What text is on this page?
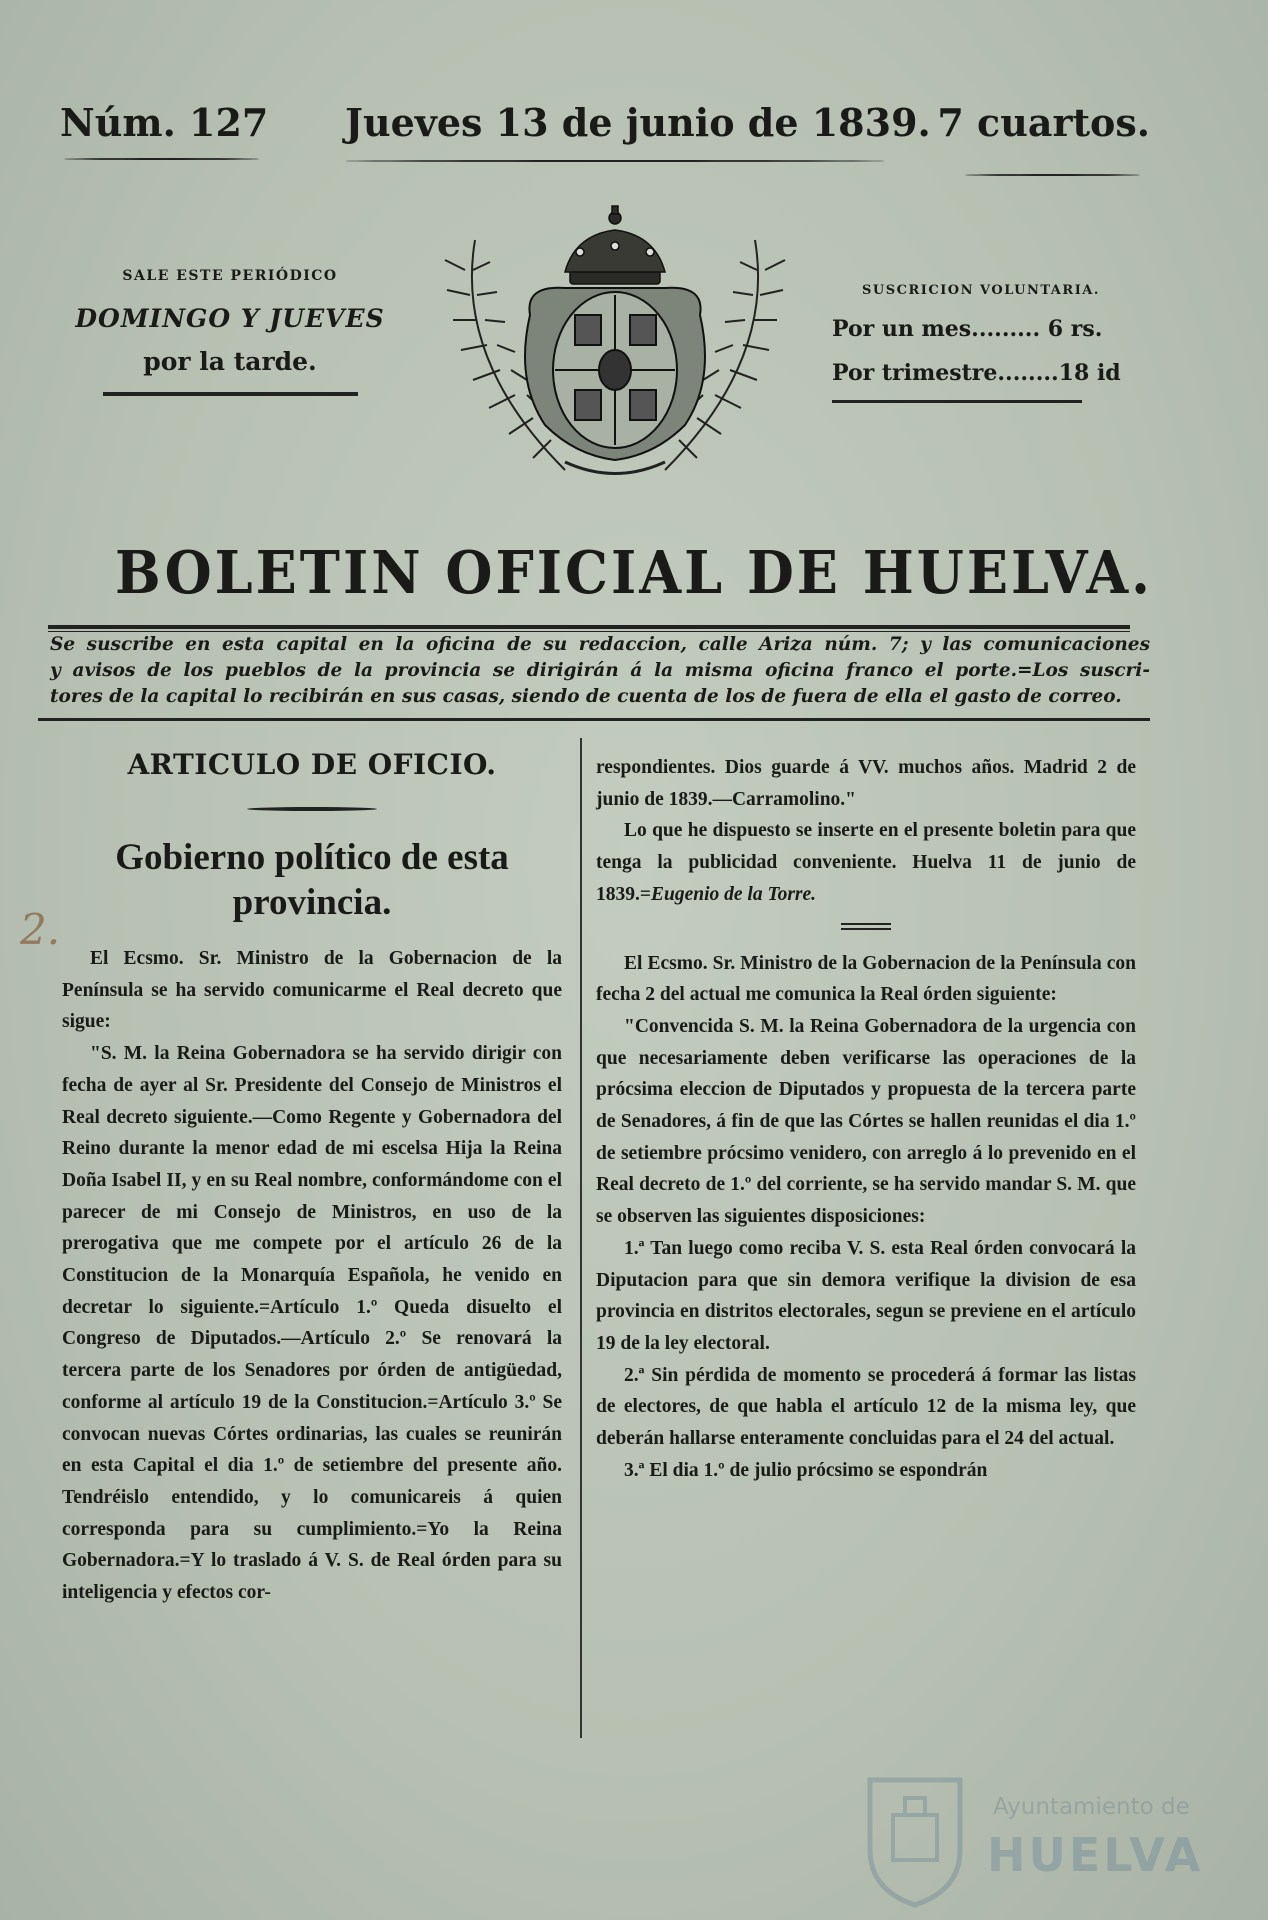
Núm. 127 Jueves 13 de junio de 1839. 7 cuartos.
SALE ESTE PERIÓDICO
DOMINGO Y JUEVES
por la tarde.
SUSCRICION VOLUNTARIA.
Por un mes......... 6 rs.
Por trimestre........18 id
BOLETIN OFICIAL DE HUELVA.
Se suscribe en esta capital en la oficina de su redaccion, calle Ariza núm. 7; y las comunicaciones
y avisos de los pueblos de la provincia se dirigirán á la misma oficina franco el porte.=Los suscri-
tores de la capital lo recibirán en sus casas, siendo de cuenta de los de fuera de ella el gasto de correo.
ARTICULO DE OFICIO.
Gobierno político de esta provincia.

El Ecsmo. Sr. Ministro de la Gobernacion de la Península se ha servido comunicarme el Real decreto que sigue:

"S. M. la Reina Gobernadora se ha servido dirigir con fecha de ayer al Sr. Presidente del Consejo de Ministros el Real decreto siguiente.—Como Regente y Gobernadora del Reino durante la menor edad de mi escelsa Hija la Reina Doña Isabel II, y en su Real nombre, conformándome con el parecer de mi Consejo de Ministros, en uso de la prerogativa que me compete por el artículo 26 de la Constitucion de la Monarquía Española, he venido en decretar lo siguiente.=Artículo 1.º Queda disuelto el Congreso de Diputados.—Artículo 2.º Se renovará la tercera parte de los Senadores por órden de antigüedad, conforme al artículo 19 de la Constitucion.=Artículo 3.º Se convocan nuevas Córtes ordinarias, las cuales se reunirán en esta Capital el dia 1.º de setiembre del presente año. Tendréislo entendido, y lo comunicareis á quien corresponda para su cumplimiento.=Yo la Reina Gobernadora.=Y lo traslado á V. S. de Real órden para su inteligencia y efectos cor-

respondientes. Dios guarde á VV. muchos años. Madrid 2 de junio de 1839.—Carramolino."

Lo que he dispuesto se inserte en el presente boletin para que tenga la publicidad conveniente. Huelva 11 de junio de 1839.=Eugenio de la Torre.

El Ecsmo. Sr. Ministro de la Gobernacion de la Península con fecha 2 del actual me comunica la Real órden siguiente:

"Convencida S. M. la Reina Gobernadora de la urgencia con que necesariamente deben verificarse las operaciones de la prócsima eleccion de Diputados y propuesta de la tercera parte de Senadores, á fin de que las Córtes se hallen reunidas el dia 1.º de setiembre prócsimo venidero, con arreglo á lo prevenido en el Real decreto de 1.º del corriente, se ha servido mandar S. M. que se observen las siguientes disposiciones:

1.ª Tan luego como reciba V. S. esta Real órden convocará la Diputacion para que sin demora verifique la division de esa provincia en distritos electorales, segun se previene en el artículo 19 de la ley electoral.

2.ª Sin pérdida de momento se procederá á formar las listas de electores, de que habla el artículo 12 de la misma ley, que deberán hallarse enteramente concluidas para el 24 del actual.

3.ª El dia 1.º de julio prócsimo se espondrán

2.
Ayuntamiento de
HUELVA
